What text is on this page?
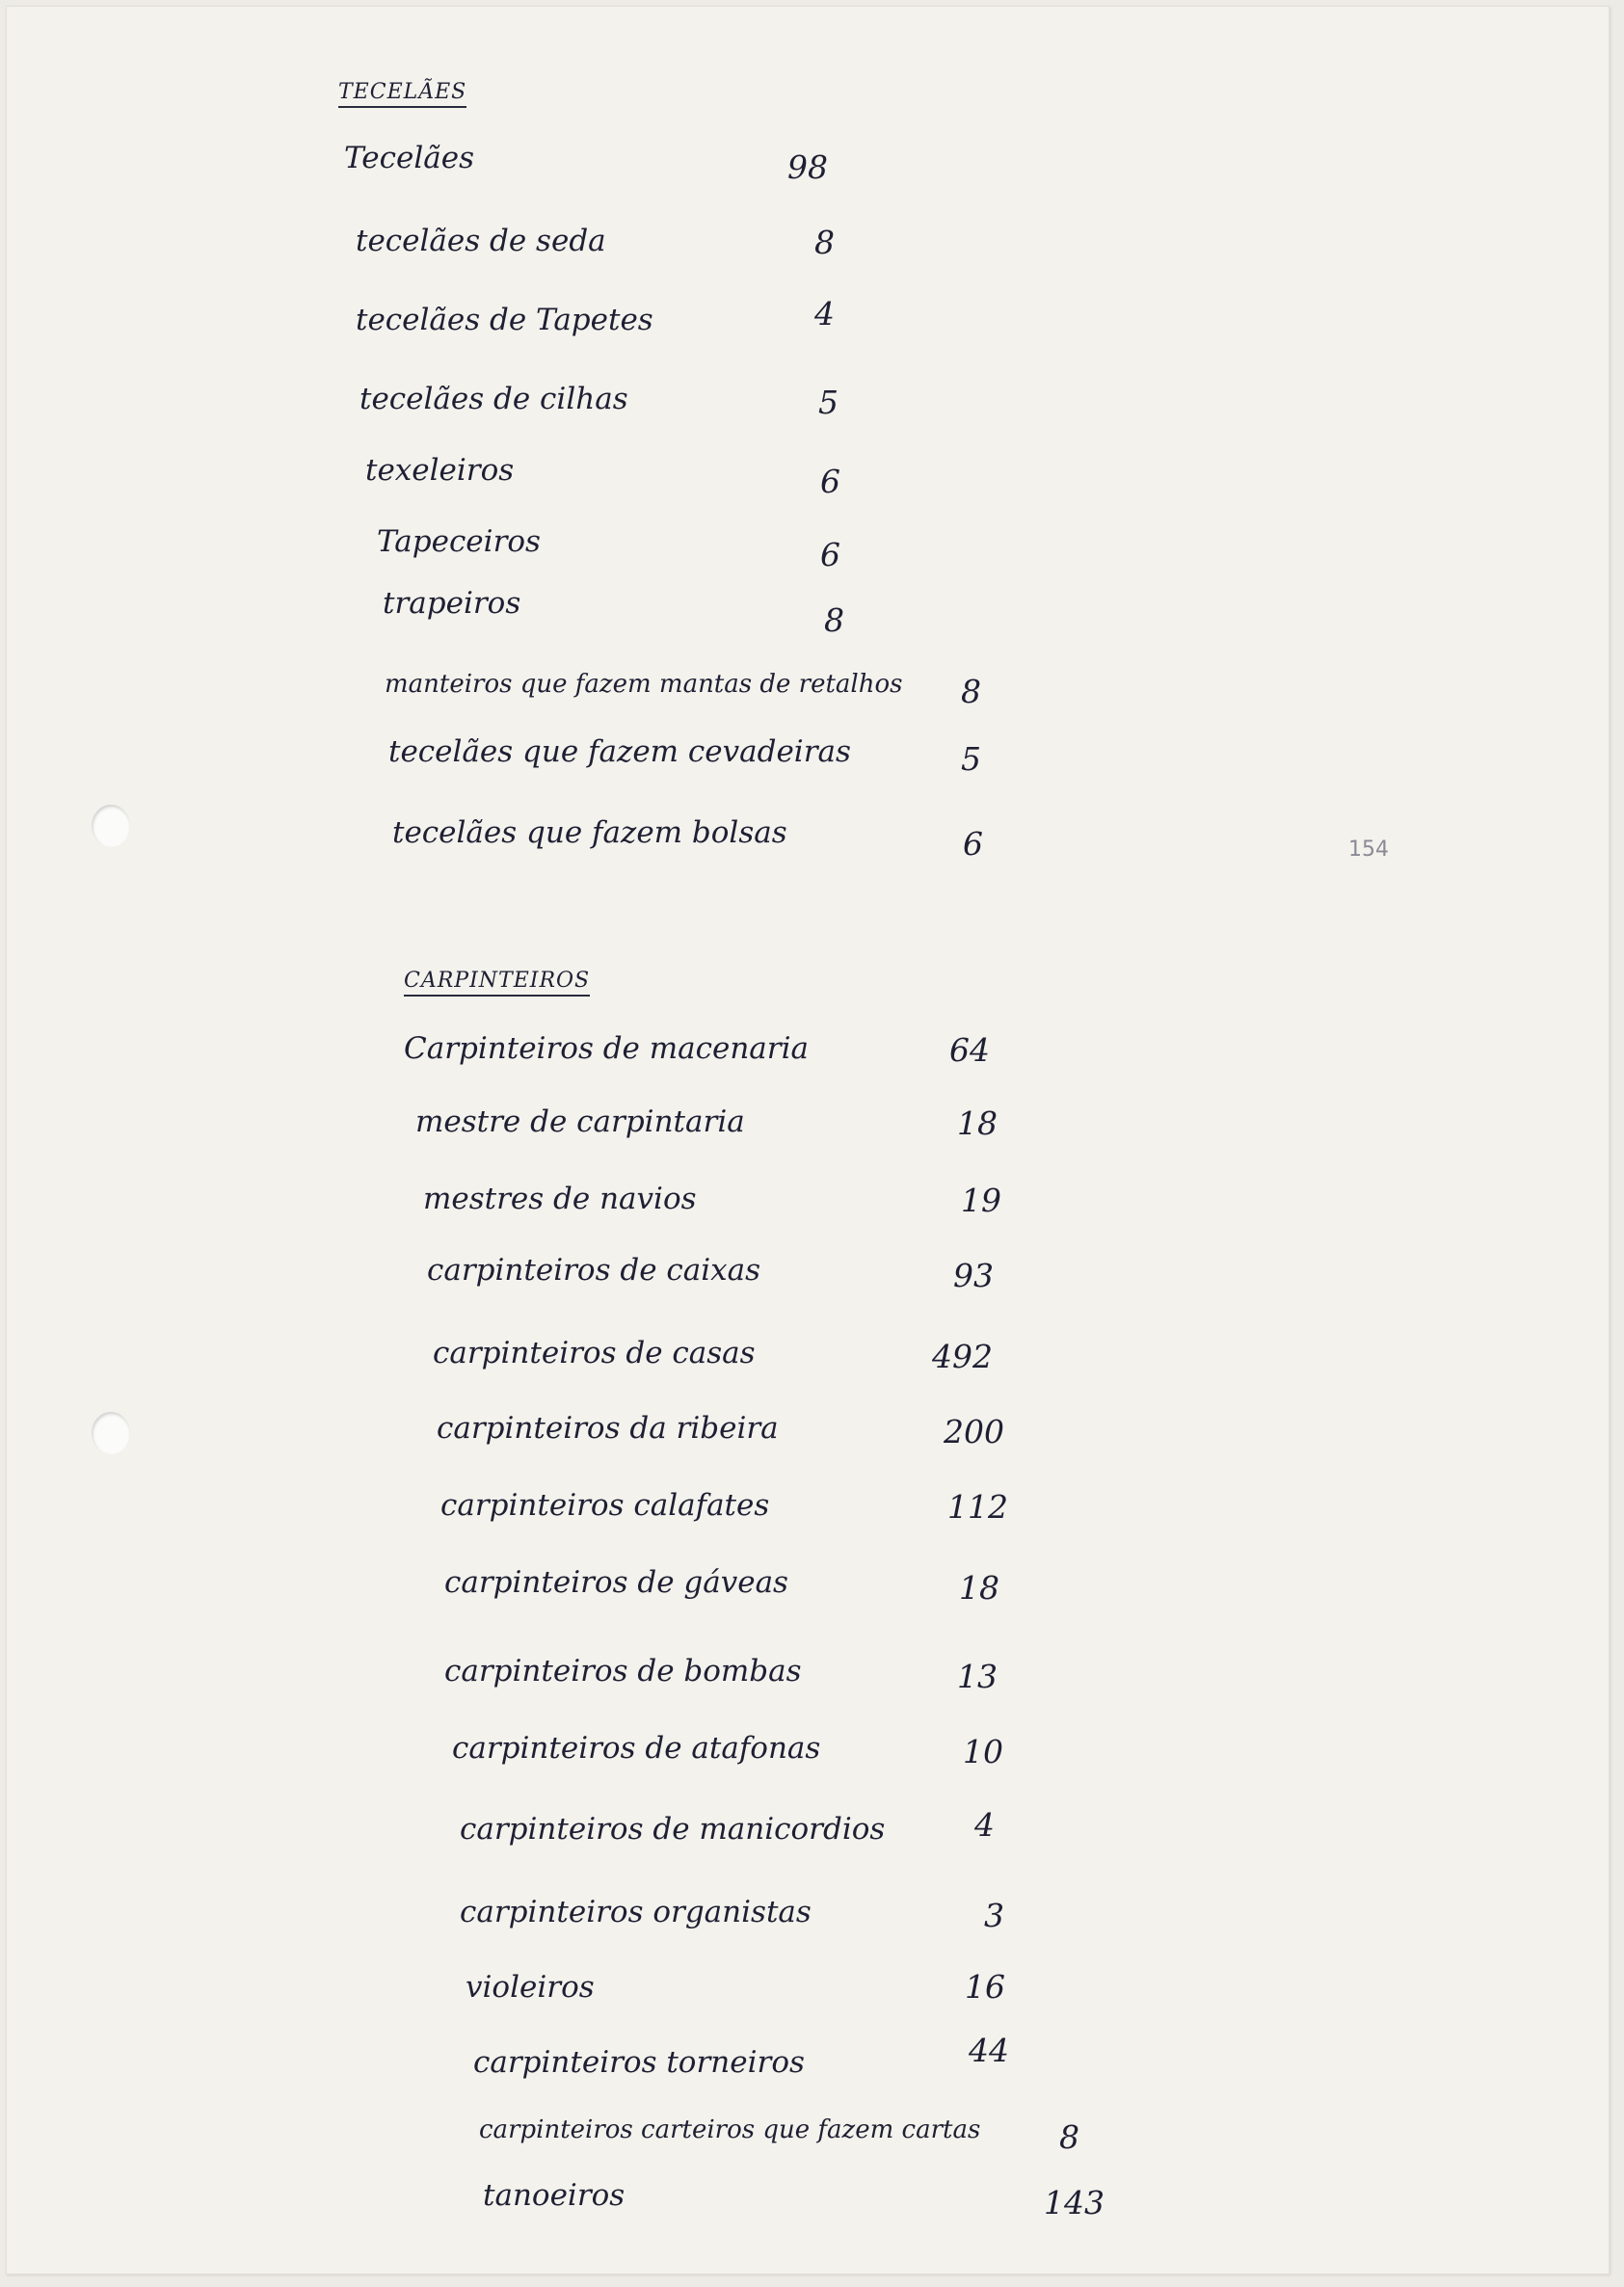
154
TECELÃES
Tecelães	98
tecelães de seda	8
tecelães de Tapetes	4
tecelães de cilhas	5
texeleiros	6
Tapeceiros	6
trapeiros	8
manteiros que fazem mantas de retalhos 8
tecelães que fazem cevadeiras	5
tecelães que fazem bolsas	6
CARPINTEIROS
Carpinteiros de macenaria	64
mestre de carpintaria	18
mestres de navios	19
carpinteiros de caixas	93
carpinteiros de casas	492
carpinteiros da ribeira	200
carpinteiros calafates	112
carpinteiros de gáveas	18
carpinteiros de bombas	13
carpinteiros de atafonas	10
carpinteiros de manicordios	4
carpinteiros organistas	3
violeiros	16
carpinteiros torneiros	44
carpinteiros carteiros que fazem cartas 8
tanoeiros	143
